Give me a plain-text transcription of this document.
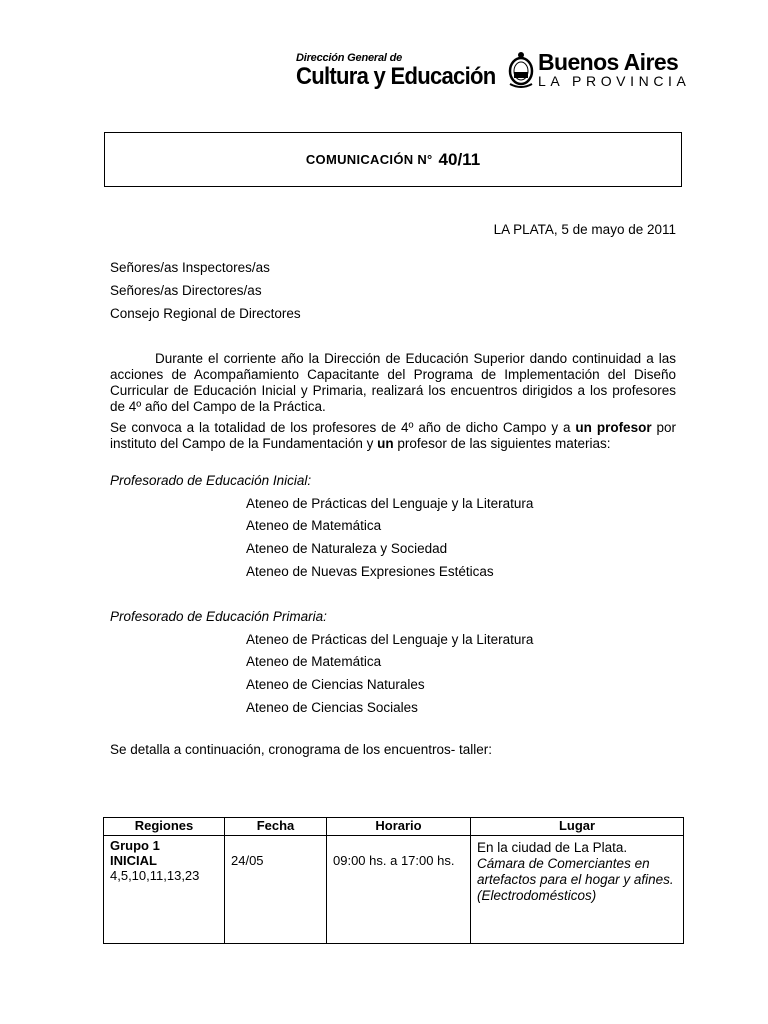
Dirección General de
Cultura y Educación
Buenos Aires
LA PROVINCIA
COMUNICACIÓN N° 40/11
LA PLATA, 5 de mayo de 2011
Señores/as Inspectores/as
Señores/as Directores/as
Consejo Regional de Directores
Durante el corriente año la Dirección de Educación Superior dando continuidad a las acciones de Acompañamiento Capacitante del Programa de Implementación del Diseño Curricular de Educación Inicial y Primaria, realizará los encuentros dirigidos a los profesores de 4º año del Campo de la Práctica.
Se convoca a la totalidad de los profesores de 4º año de dicho Campo y a un profesor por instituto del Campo de la Fundamentación y un profesor de las siguientes materias:
Profesorado de Educación Inicial:
Ateneo de Prácticas del Lenguaje y la Literatura
Ateneo de Matemática
Ateneo de Naturaleza y Sociedad
Ateneo de Nuevas Expresiones Estéticas
Profesorado de Educación Primaria:
Ateneo de Prácticas del Lenguaje y la Literatura
Ateneo de Matemática
Ateneo de Ciencias Naturales
Ateneo de Ciencias Sociales
Se detalla a continuación, cronograma de los encuentros- taller:
Regiones	Fecha	Horario	Lugar

Grupo 1
INICIAL
4,5,10,11,13,23	24/05	09:00 hs. a 17:00 hs.	En la ciudad de La Plata. Cámara de Comerciantes en artefactos para el hogar y afines. (Electrodomésticos)
